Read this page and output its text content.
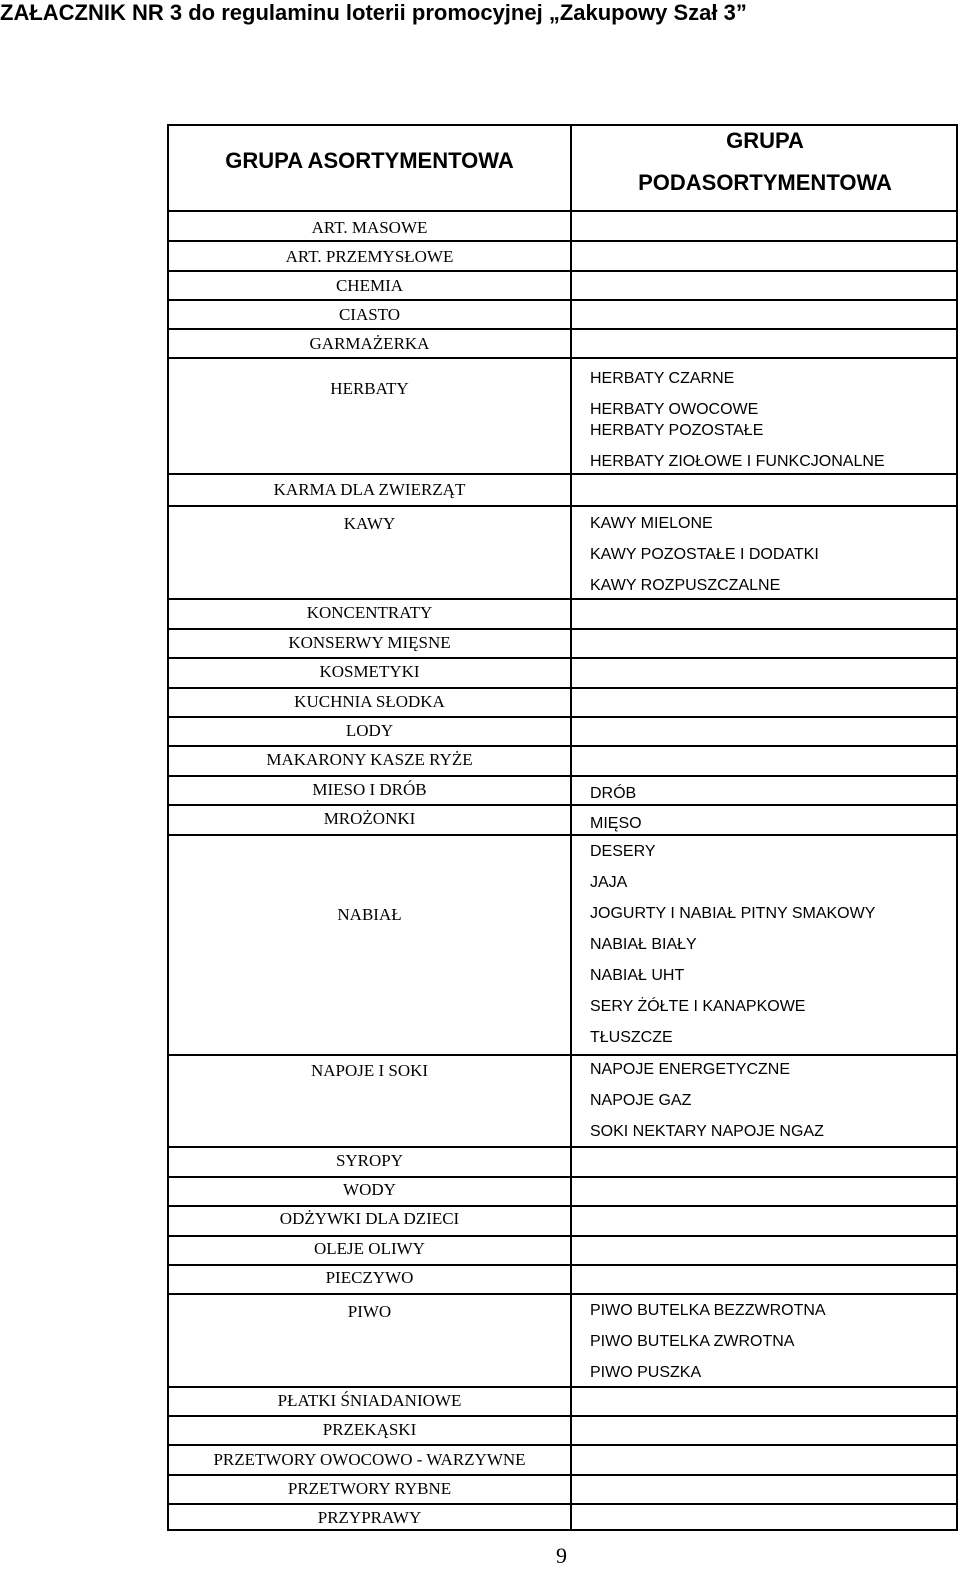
ZAŁACZNIK NR 3 do regulaminu loterii promocyjnej „Zakupowy Szał 3”
GRUPA ASORTYMENTOWA
GRUPA
PODASORTYMENTOWA
ART. MASOWE
ART. PRZEMYSŁOWE
CHEMIA
CIASTO
GARMAŻERKA
HERBATY
KARMA DLA ZWIERZĄT
KAWY
KONCENTRATY
KONSERWY MIĘSNE
KOSMETYKI
KUCHNIA SŁODKA
LODY
MAKARONY KASZE RYŻE
MIESO I DRÓB
MROŻONKI
NABIAŁ
NAPOJE I SOKI
SYROPY
WODY
ODŻYWKI DLA DZIECI
OLEJE OLIWY
PIECZYWO
PIWO
PŁATKI ŚNIADANIOWE
PRZEKĄSKI
PRZETWORY OWOCOWO - WARZYWNE
PRZETWORY RYBNE
PRZYPRAWY
HERBATY CZARNE
HERBATY OWOCOWE
HERBATY POZOSTAŁE
HERBATY ZIOŁOWE I FUNKCJONALNE
KAWY MIELONE
KAWY POZOSTAŁE I DODATKI
KAWY ROZPUSZCZALNE
DRÓB
MIĘSO
DESERY
JAJA
JOGURTY I NABIAŁ PITNY SMAKOWY
NABIAŁ BIAŁY
NABIAŁ UHT
SERY ŻÓŁTE I KANAPKOWE
TŁUSZCZE
NAPOJE ENERGETYCZNE
NAPOJE GAZ
SOKI NEKTARY NAPOJE NGAZ
PIWO BUTELKA BEZZWROTNA
PIWO BUTELKA ZWROTNA
PIWO PUSZKA
9
